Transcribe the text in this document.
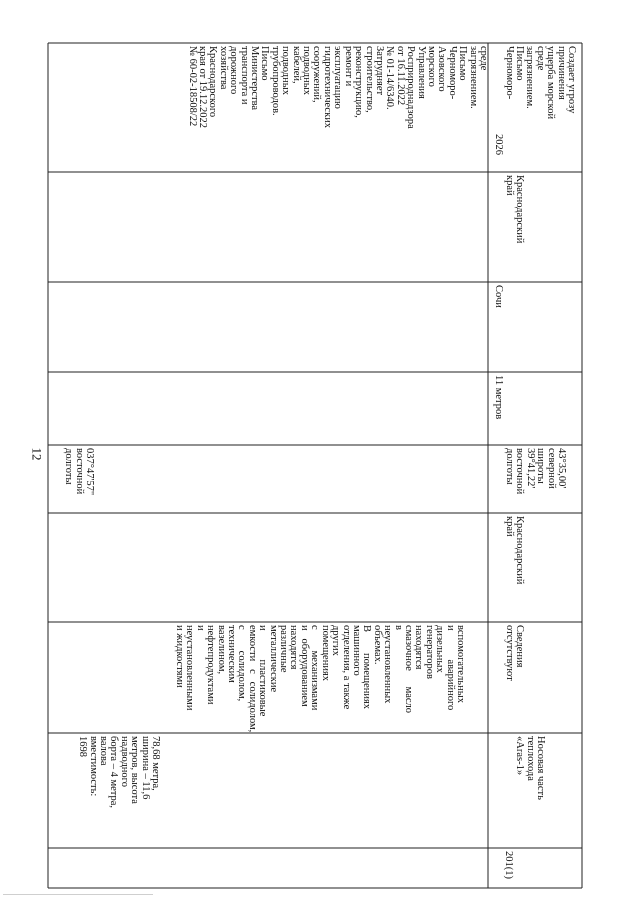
12
78,68 метра,
ширина – 11,6
метров, высота
надводного
борта – 4 метра,
валова
вместимость:
1698
вспомогательных
и           аварийного
дизельных
генераторов
находятся
смазочное      масло
в
неустановленных
объемах.
В        помещениях
машинного
отделения, а также
других
помещениях
с        механизмами
и   оборудованием
находятся
различные
металлические
и           пластиковые
емкости   с   солидолом,
с        солидолом,
техническим
вазелином,
нефтепродуктами
и
неустановленными
и жидкостями
037°47'57"
восточной
долготы
среде
загрязнением.
Письмо
Черноморо-
Азовского
морского
Управления
Росприроднадзора
от 16.11.2022
№ 01-14/6340.
Затрудняет
строительство,
реконструкцию,
ремонт и
эксплуатацию
гидротехнических
сооружений,
подводных
кабелей,
подводных
трубопроводов.
Письмо
Министерства
транспорта и
дорожного
хозяйства
Краснодарского
края от 19.12.2022
№ 60-02-18508/22
201(1)
Носовая часть
теплохода
«Aras-1»
Сведения
отсутствуют
Краснодарский
край
43°35,00'
северной
широты
39°41,22'
восточной
долготы
11 метров
Сочи
Краснодарский
край
2026
Создает угрозу
причинения
ущерба морской
среде
загрязнением.
Письмо
Черноморо-
